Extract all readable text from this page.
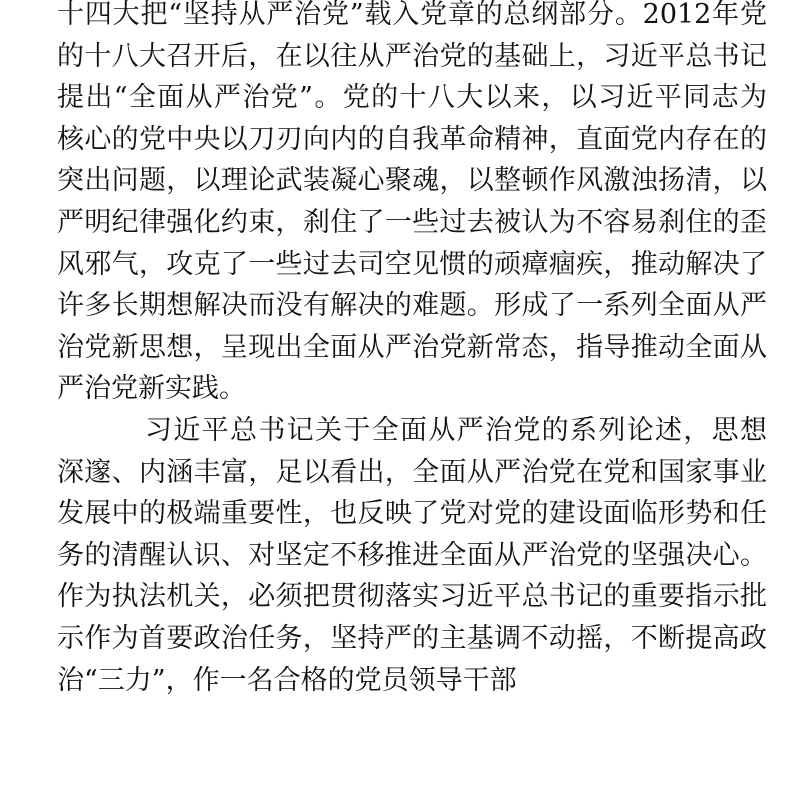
十四大把“坚持从严治党”载入党章的总纲部分。2012年党
的十八大召开后，在以往从严治党的基础上，习近平总书记
提出“全面从严治党”。党的十八大以来，以习近平同志为
核心的党中央以刀刃向内的自我革命精神，直面党内存在的
突出问题，以理论武装凝心聚魂，以整顿作风激浊扬清，以
严明纪律强化约束，刹住了一些过去被认为不容易刹住的歪
风邪气，攻克了一些过去司空见惯的顽瘴痼疾，推动解决了
许多长期想解决而没有解决的难题。形成了一系列全面从严
治党新思想，呈现出全面从严治党新常态，指导推动全面从
严治党新实践。
习近平总书记关于全面从严治党的系列论述，思想
深邃、内涵丰富，足以看出，全面从严治党在党和国家事业
发展中的极端重要性，也反映了党对党的建设面临形势和任
务的清醒认识、对坚定不移推进全面从严治党的坚强决心。
作为执法机关，必须把贯彻落实习近平总书记的重要指示批
示作为首要政治任务，坚持严的主基调不动摇，不断提高政
治“三力”，作一名合格的党员领导干部
